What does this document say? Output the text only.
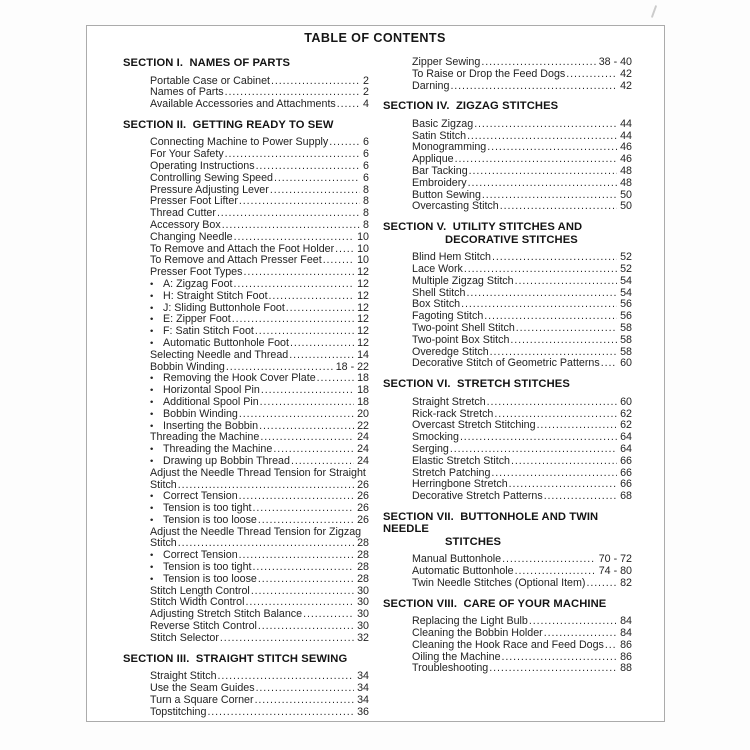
TABLE OF CONTENTS
SECTION I.  NAMES OF PARTS
Portable Case or Cabinet .....	2
Names of Parts .....	2
Available Accessories and Attachments .....	4
SECTION II.  GETTING READY TO SEW
Connecting Machine to Power Supply .....	6
For Your Safety .....	6
Operating Instructions .....	6
Controlling Sewing Speed .....	6
Pressure Adjusting Lever .....	8
Presser Foot Lifter .....	8
Thread Cutter .....	8
Accessory Box .....	8
Changing Needle .....	10
To Remove and Attach the Foot Holder ..... 10
To Remove and Attach Presser Feet .....	10
Presser Foot Types .....	12
• A: Zigzag Foot .....	12
• H: Straight Stitch Foot .....	12
• J: Sliding Buttonhole Foot .....	12
• E: Zipper Foot .....	12
• F: Satin Stitch Foot .....	12
• Automatic Buttonhole Foot .....	12
Selecting Needle and Thread .....	14
Bobbin Winding .....	18 - 22
• Removing the Hook Cover Plate .....	18
• Horizontal Spool Pin .....	18
• Additional Spool Pin .....	18
• Bobbin Winding .....	20
• Inserting the Bobbin .....	22
Threading the Machine .....	24
• Threading the Machine .....	24
• Drawing up Bobbin Thread .....	24
Adjust the Needle Thread Tension for Straight
Stitch .....	26
• Correct Tension .....	26
• Tension is too tight .....	26
• Tension is too loose .....	26
Adjust the Needle Thread Tension for Zigzag
Stitch .....	28
• Correct Tension .....	28
• Tension is too tight .....	28
• Tension is too loose .....	28
Stitch Length Control .....	30
Stitch Width Control .....	30
Adjusting Stretch Stitch Balance .....	30
Reverse Stitch Control .....	30
Stitch Selector .....	32
SECTION III.  STRAIGHT STITCH SEWING
Straight Stitch .....	34
Use the Seam Guides .....	34
Turn a Square Corner .....	34
Topstitching .....	36
Zipper Sewing .....	38 - 40
To Raise or Drop the Feed Dogs .....	42
Darning .....	42
SECTION IV.  ZIGZAG STITCHES
Basic Zigzag .....	44
Satin Stitch .....	44
Monogramming .....	46
Applique .....	46
Bar Tacking .....	48
Embroidery .....	48
Button Sewing .....	50
Overcasting Stitch .....	50
SECTION V.  UTILITY STITCHES AND
DECORATIVE STITCHES
Blind Hem Stitch .....	52
Lace Work .....	52
Multiple Zigzag Stitch .....	54
Shell Stitch .....	54
Box Stitch .....	56
Fagoting Stitch .....	56
Two-point Shell Stitch .....	58
Two-point Box Stitch .....	58
Overedge Stitch .....	58
Decorative Stitch of Geometric Patterns ..... 60
SECTION VI.  STRETCH STITCHES
Straight Stretch .....	60
Rick-rack Stretch .....	62
Overcast Stretch Stitching .....	62
Smocking .....	64
Serging .....	64
Elastic Stretch Stitch .....	66
Stretch Patching .....	66
Herringbone Stretch .....	66
Decorative Stretch Patterns .....	68
SECTION VII.  BUTTONHOLE AND TWIN NEEDLE
STITCHES
Manual Buttonhole .....	70 - 72
Automatic Buttonhole .....	74 - 80
Twin Needle Stitches (Optional Item) .....	82
SECTION VIII.  CARE OF YOUR MACHINE
Replacing the Light Bulb .....	84
Cleaning the Bobbin Holder .....	84
Cleaning the Hook Race and Feed Dogs ..... 86
Oiling the Machine .....	86
Troubleshooting .....	88
